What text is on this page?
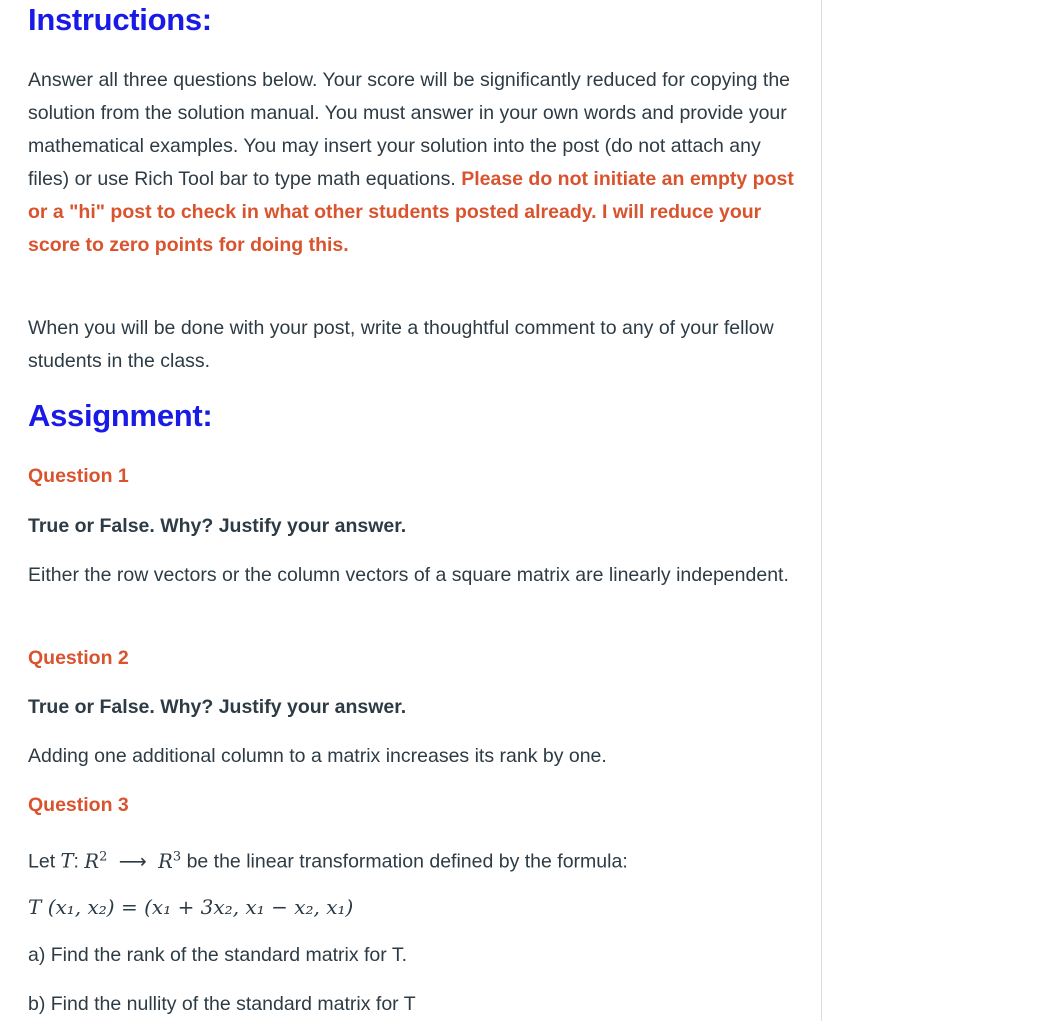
Instructions:

Answer all three questions below. Your score will be significantly reduced for copying the solution from the solution manual. You must answer in your own words and provide your mathematical examples. You may insert your solution into the post (do not attach any files) or use Rich Tool bar to type math equations. Please do not initiate an empty post or a "hi" post to check in what other students posted already. I will reduce your score to zero points for doing this.

When you will be done with your post, write a thoughtful comment to any of your fellow students in the class.

Assignment:

Question 1

True or False. Why? Justify your answer.

Either the row vectors or the column vectors of a square matrix are linearly independent.

Question 2

True or False. Why? Justify your answer.

Adding one additional column to a matrix increases its rank by one.

Question 3

Let T: $R^2$ ⟶ $R^3$ be the linear transformation defined by the formula:

T (x₁, x₂) = (x₁ + 3x₂, x₁ − x₂, x₁)

a) Find the rank of the standard matrix for T.

b) Find the nullity of the standard matrix for T
